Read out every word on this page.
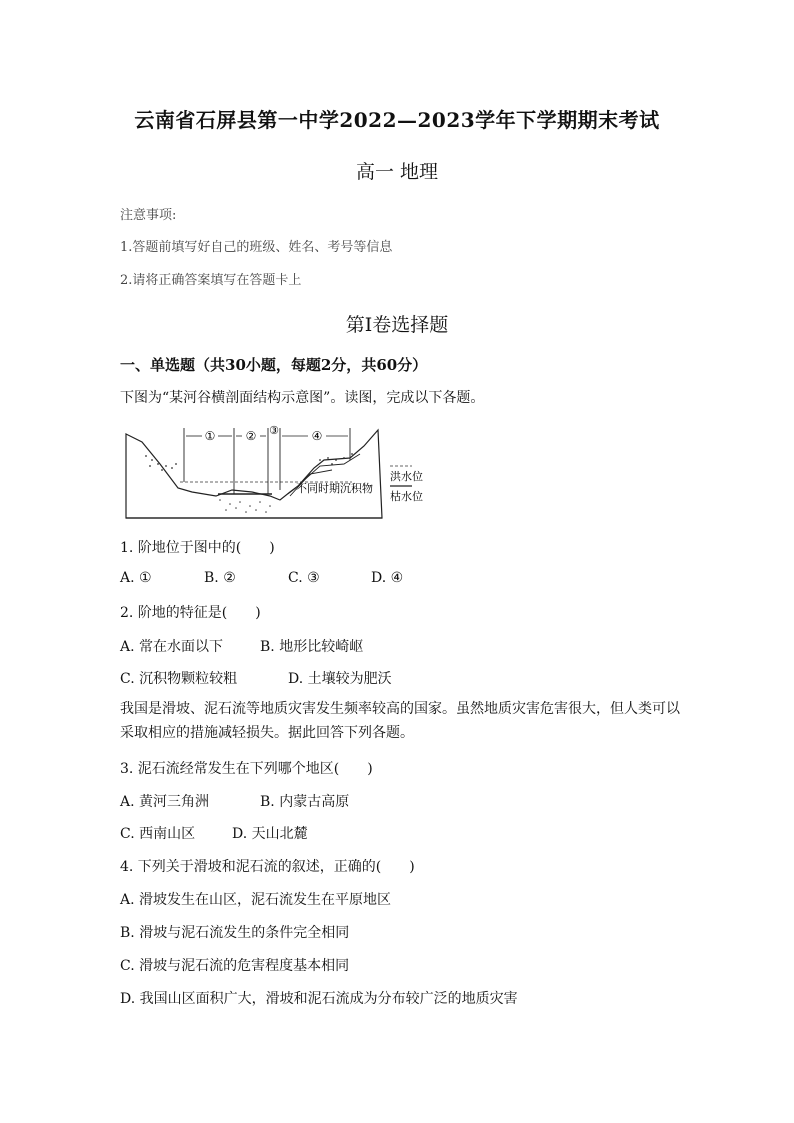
云南省石屏县第一中学2022—2023学年下学期期末考试
高一 地理
注意事项:
1.答题前填写好自己的班级、姓名、考号等信息
2.请将正确答案填写在答题卡上
第Ⅰ卷选择题
一、单选题（共30小题，每题2分，共60分）
下图为“某河谷横剖面结构示意图”。读图，完成以下各题。
①	② ③	④
不同时期沉积物
洪水位
枯水位
1. 阶地位于图中的(　　)
A. ①	B. ②	C. ③	D. ④
2. 阶地的特征是(　　)
A. 常在水面以下	B. 地形比较崎岖
C. 沉积物颗粒较粗	D. 土壤较为肥沃
我国是滑坡、泥石流等地质灾害发生频率较高的国家。虽然地质灾害危害很大，但人类可以采取相应的措施减轻损失。据此回答下列各题。
3. 泥石流经常发生在下列哪个地区(　　)
A. 黄河三角洲	B. 内蒙古高原
C. 西南山区	D. 天山北麓
4. 下列关于滑坡和泥石流的叙述，正确的(　　)
A. 滑坡发生在山区，泥石流发生在平原地区
B. 滑坡与泥石流发生的条件完全相同
C. 滑坡与泥石流的危害程度基本相同
D. 我国山区面积广大，滑坡和泥石流成为分布较广泛的地质灾害
